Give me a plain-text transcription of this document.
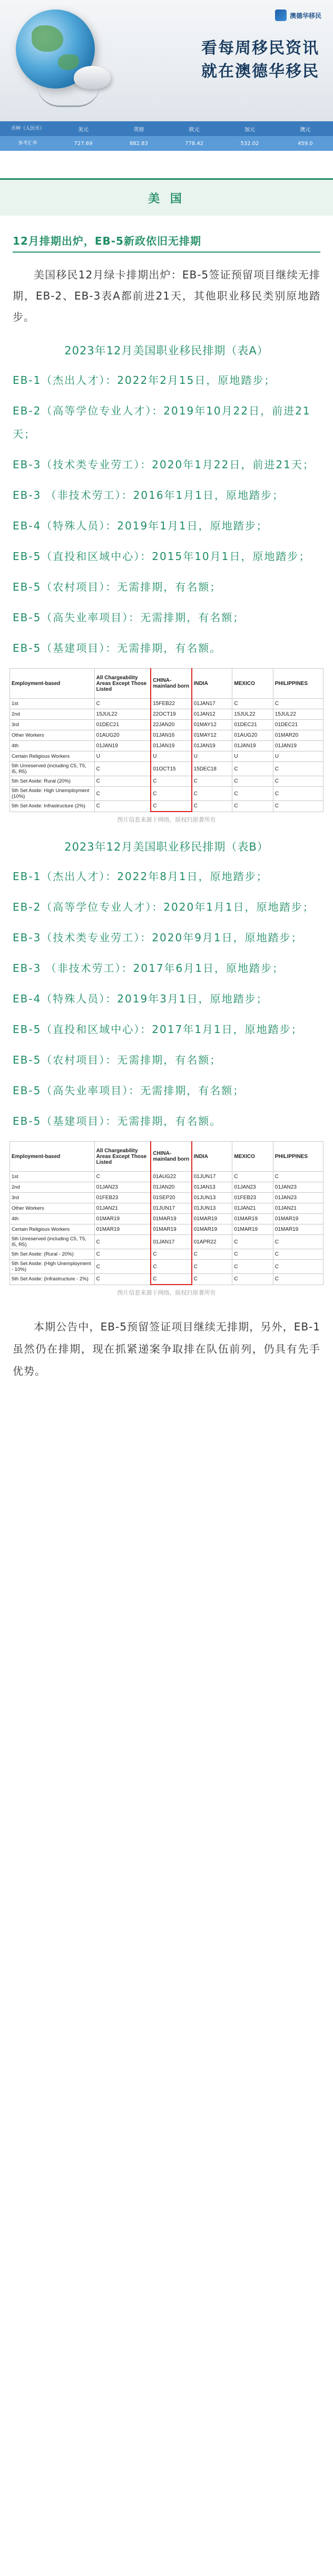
澳德华移民
看每周移民资讯
就在澳德华移民
币种（人民币）	美元	英镑	欧元	加元	澳元
参考汇率	727.69	882.83	778.42	532.02	459.0
美 国
12月排期出炉，EB-5新政依旧无排期

美国移民12月绿卡排期出炉：EB-5签证预留项目继续无排期，EB-2、EB-3表A都前进21天，其他职业移民类别原地踏步。

2023年12月美国职业移民排期（表A）
EB-1（杰出人才）：2022年2月15日，原地踏步；
EB-2（高等学位专业人才）：2019年10月22日，前进21天；
EB-3（技术类专业劳工）：2020年1月22日，前进21天；
EB-3 （非技术劳工）：2016年1月1日，原地踏步；
EB-4（特殊人员）：2019年1月1日，原地踏步；
EB-5（直投和区域中心）：2015年10月1日，原地踏步；
EB-5（农村项目）：无需排期，有名额；
EB-5（高失业率项目）：无需排期，有名额；
EB-5（基建项目）：无需排期，有名额。
Employment-based	All Chargeability Areas Except Those Listed	CHINA-mainland born	INDIA	MEXICO	PHILIPPINES
1st	C	15FEB22	01JAN17	C	C
2nd	15JUL22	22OCT19	01JAN12	15JUL22	15JUL22
3rd	01DEC21	22JAN20	01MAY12	01DEC21	01DEC21
Other Workers	01AUG20	01JAN16	01MAY12	01AUG20	01MAR20
4th	01JAN19	01JAN19	01JAN19	01JAN19	01JAN19
Certain Religious Workers	U	U	U	U	U
5th Unreserved (including C5, T5, I5, R5)	C	01OCT15	15DEC18	C	C
5th Set Aside: Rural (20%)	C	C	C	C	C
5th Set Aside: High Unemployment (10%)	C	C	C	C	C
5th Set Aside: Infrastructure (2%)	C	C	C	C	C
图片信息来源于网络，版权归原著所有
2023年12月美国职业移民排期（表B）
EB-1（杰出人才）：2022年8月1日，原地踏步；
EB-2（高等学位专业人才）：2020年1月1日，原地踏步；
EB-3（技术类专业劳工）：2020年9月1日，原地踏步；
EB-3 （非技术劳工）：2017年6月1日，原地踏步；
EB-4（特殊人员）：2019年3月1日，原地踏步；
EB-5（直投和区域中心）：2017年1月1日，原地踏步；
EB-5（农村项目）：无需排期，有名额；
EB-5（高失业率项目）：无需排期，有名额；
EB-5（基建项目）：无需排期，有名额。
Employment-based	All Chargeability Areas Except Those Listed	CHINA-mainland born	INDIA	MEXICO	PHILIPPINES
1st	C	01AUG22	01JUN17	C	C
2nd	01JAN23	01JAN20	01JAN13	01JAN23	01JAN23
3rd	01FEB23	01SEP20	01JUN13	01FEB23	01JAN23
Other Workers	01JAN21	01JUN17	01JUN13	01JAN21	01JAN21
4th	01MAR19	01MAR19	01MAR19	01MAR19	01MAR19
Certain Religious Workers	01MAR19	01MAR19	01MAR19	01MAR19	01MAR19
5th Unreserved (including C5, T5, I5, R5)	C	01JAN17	01APR22	C	C
5th Set Aside: (Rural - 20%)	C	C	C	C	C
5th Set Aside: (High Unemployment - 10%)	C	C	C	C	C
5th Set Aside: (Infrastructure - 2%)	C	C	C	C	C
图片信息来源于网络，版权归原著所有

本期公告中，EB-5预留签证项目继续无排期，另外，EB-1虽然仍在排期，现在抓紧递案争取排在队伍前列，仍具有先手优势。
